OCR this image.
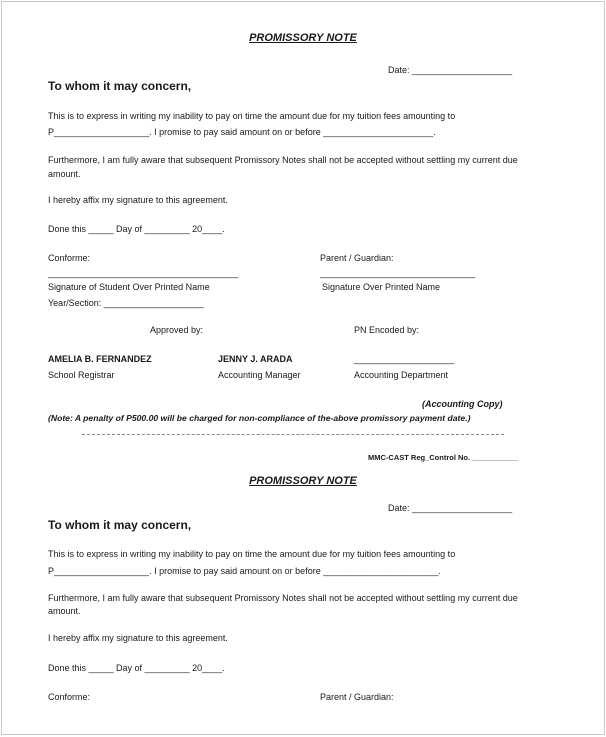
PROMISSORY NOTE
Date: ____________________
To whom it may concern,
This is to express in writing my inability to pay on time the amount due for my tuition fees amounting to
P___________________. I promise to pay said amount on or before ______________________.
Furthermore, I am fully aware that subsequent Promissory Notes shall not be accepted without settling my current due
amount.
I hereby affix my signature to this agreement.
Done this _____ Day of _________ 20____.
Conforme:	Parent / Guardian:
______________________________________	_______________________________
Signature of Student Over Printed Name	Signature Over Printed Name
Year/Section: ____________________
Approved by:	PN Encoded by:
AMELIA B. FERNANDEZ	JENNY J. ARADA	____________________
School Registrar	Accounting Manager	Accounting Department
(Accounting Copy)
(Note: A penalty of P500.00 will be charged for non-compliance of the-above promissory payment date.)
MMC-CAST Reg_Control No. ___________
PROMISSORY NOTE
Date: ____________________
To whom it may concern,
This is to express in writing my inability to pay on time the amount due for my tuition fees amounting to
P___________________. I promise to pay said amount on or before _______________________.
Furthermore, I am fully aware that subsequent Promissory Notes shall not be accepted without settling my current due
amount.
I hereby affix my signature to this agreement.
Done this _____ Day of _________ 20____.
Conforme:	Parent / Guardian:
